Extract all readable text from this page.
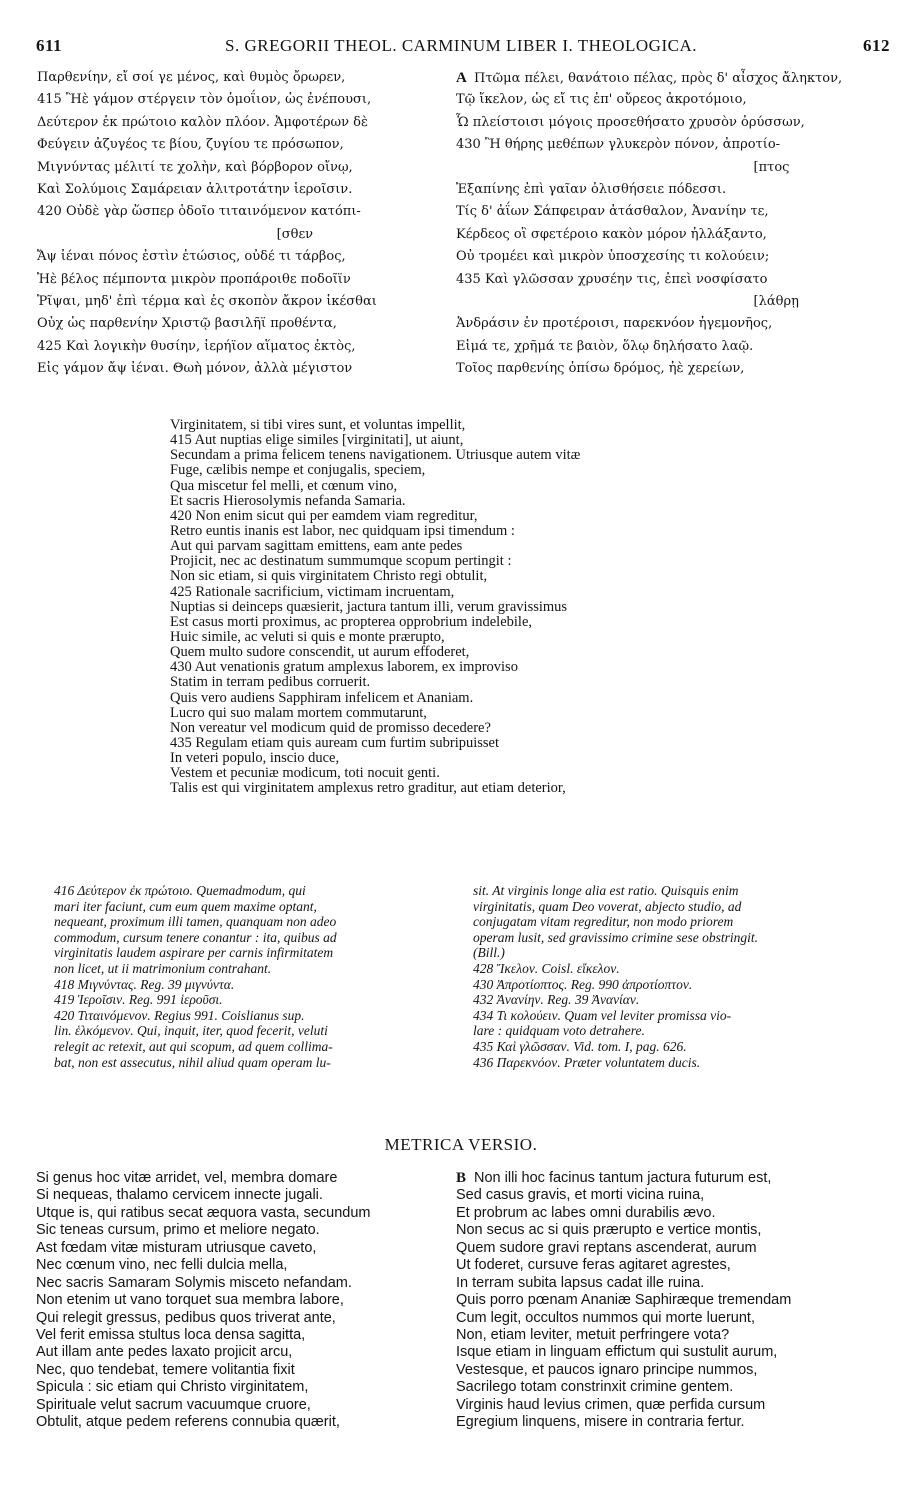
611	S. GREGORII THEOL. CARMINUM LIBER I. THEOLOGICA.	612
Παρθενίην, εἴ σοί γε μένος, καὶ θυμὸς ὄρωρεν,
415 Ἢὲ γάμον στέργειν τὸν ὁμοΐιον, ὡς ἐνέπουσι,
Δεύτερον ἐκ πρώτοιο καλὸν πλόον. Ἀμφοτέρων δὲ
Φεύγειν ἀζυγέος τε βίου, ζυγίου τε πρόσωπον,
Μιγνύντας μέλιτί τε χολὴν, καὶ βόρβορον οἴνῳ,
Καὶ Σολύμοις Σαμάρειαν ἀλιτροτάτην ἱεροῖσιν.
420 Οὐδὲ γὰρ ὥσπερ ὁδοῖο τιταινόμενον κατόπι-
[σθεν
Ἄψ ἰέναι πόνος ἐστὶν ἐτώσιος, οὐδέ τι τάρβος,
Ἠὲ βέλος πέμποντα μικρὸν προπάροιθε ποδοῖϊν
Ῥῖψαι, μηδ' ἐπὶ τέρμα καὶ ἐς σκοπὸν ἄκρον ἱκέσθαι
Οὐχ ὡς παρθενίην Χριστῷ βασιλῆϊ προθέντα,
425 Καὶ λογικὴν θυσίην, ἱερήϊον αἵματος ἐκτὸς,
Εἰς γάμον ἄψ ἰέναι. Θωὴ μόνον, ἀλλὰ μέγιστον
A Πτῶμα πέλει, θανάτοιο πέλας, πρὸς δ' αἶσχος ἄληκτον,
Τῷ ἴκελον, ὡς εἴ τις ἐπ' οὔρεος ἀκροτόμοιο,
Ὧ πλείστοισι μόγοις προσεθήσατο χρυσὸν ὀρύσσων,
430 Ἢ θήρης μεθέπων γλυκερὸν πόνον, ἀπροτίο-
[πτος
Ἐξαπίνης ἐπὶ γαῖαν ὀλισθήσειε πόδεσσι.
Τίς δ' ἀΐων Σάπφειραν ἀτάσθαλον, Ἀνανίην τε,
Κέρδεος οἳ σφετέροιο κακὸν μόρον ἠλλάξαντο,
Οὐ τρομέει καὶ μικρὸν ὑποσχεσίης τι κολούειν;
435 Καὶ γλῶσσαν χρυσέην τις, ἐπεὶ νοσφίσατο
[λάθρῃ
Ἀνδράσιν ἐν προτέροισι, παρεκνόον ἡγεμονῆος,
Εἱμά τε, χρῆμά τε βαιὸν, ὅλῳ δηλήσατο λαῷ.
Τοῖος παρθενίης ὀπίσω δρόμος, ἠὲ χερείων,
Virginitatem, si tibi vires sunt, et voluntas impellit,
415 Aut nuptias elige similes [virginitati], ut aiunt,
Secundam a prima felicem tenens navigationem. Utriusque autem vitæ
Fuge, cælibis nempe et conjugalis, speciem,
Qua miscetur fel melli, et cœnum vino,
Et sacris Hierosolymis nefanda Samaria.
420 Non enim sicut qui per eamdem viam regreditur,
Retro euntis inanis est labor, nec quidquam ipsi timendum :
Aut qui parvam sagittam emittens, eam ante pedes
Projicit, nec ac destinatum summumque scopum pertingit :
Non sic etiam, si quis virginitatem Christo regi obtulit,
425 Rationale sacrificium, victimam incruentam,
Nuptias si deinceps quæsierit, jactura tantum illi, verum gravissimus
Est casus morti proximus, ac propterea opprobrium indelebile,
Huic simile, ac veluti si quis e monte prærupto,
Quem multo sudore conscendit, ut aurum effoderet,
430 Aut venationis gratum amplexus laborem, ex improviso
Statim in terram pedibus corruerit.
Quis vero audiens Sapphiram infelicem et Ananiam.
Lucro qui suo malam mortem commutarunt,
Non vereatur vel modicum quid de promisso decedere?
435 Regulam etiam quis auream cum furtim subripuisset
In veteri populo, inscio duce,
Vestem et pecuniæ modicum, toti nocuit genti.
Talis est qui virginitatem amplexus retro graditur, aut etiam deterior,
416 Δεύτερον ἐκ πρώτοιο. Quemadmodum, qui
mari iter faciunt, cum eum quem maxime optant,
nequeant, proximum illi tamen, quanquam non adeo
commodum, cursum tenere conantur : ita, quibus ad
virginitatis laudem aspirare per carnis infirmitatem
non licet, ut ii matrimonium contrahant.
418 Μιγνύντας. Reg. 39 μιγνύντα.
419 Ἱεροῖσιν. Reg. 991 ἱεροῦσι.
420 Τιταινόμενον. Regius 991. Coislianus sup.
lin. ἑλκόμενον. Qui, inquit, iter, quod fecerit, veluti
relegit ac retexit, aut qui scopum, ad quem collima-
bat, non est assecutus, nihil aliud quam operam lu-
sit. At virginis longe alia est ratio. Quisquis enim
virginitatis, quam Deo voverat, abjecto studio, ad
conjugatam vitam regreditur, non modo priorem
operam lusit, sed gravissimo crimine sese obstringit.
(Bill.)
428 Ἴκελον. Coisl. εἴκελον.
430 Ἀπροτίοπτος. Reg. 990 ἀπροτίοπτον.
432 Ἀνανίην. Reg. 39 Ἀνανίαν.
434 Τι κολούειν. Quam vel leviter promissa vio-
lare : quidquam voto detrahere.
435 Καὶ γλῶσσαν. Vid. tom. I, pag. 626.
436 Παρεκνόον. Præter voluntatem ducis.
METRICA VERSIO.
Si genus hoc vitæ arridet, vel, membra domare
Si nequeas, thalamo cervicem innecte jugali.
Utque is, qui ratibus secat æquora vasta, secundum
Sic teneas cursum, primo et meliore negato.
Ast fœdam vitæ misturam utriusque caveto,
Nec cœnum vino, nec felli dulcia mella,
Nec sacris Samaram Solymis misceto nefandam.
Non etenim ut vano torquet sua membra labore,
Qui relegit gressus, pedibus quos triverat ante,
Vel ferit emissa stultus loca densa sagitta,
Aut illam ante pedes laxato projicit arcu,
Nec, quo tendebat, temere volitantia fixit
Spicula : sic etiam qui Christo virginitatem,
Spirituale velut sacrum vacuumque cruore,
Obtulit, atque pedem referens connubia quærit,
B Non illi hoc facinus tantum jactura futurum est,
Sed casus gravis, et morti vicina ruina,
Et probrum ac labes omni durabilis ævo.
Non secus ac si quis prærupto e vertice montis,
Quem sudore gravi reptans ascenderat, aurum
Ut foderet, cursuve feras agitaret agrestes,
In terram subita lapsus cadat ille ruina.
Quis porro pœnam Ananiæ Saphiræque tremendam
Cum legit, occultos nummos qui morte luerunt,
Non, etiam leviter, metuit perfringere vota?
Isque etiam in linguam effictum qui sustulit aurum,
Vestesque, et paucos ignaro principe nummos,
Sacrilego totam constrinxit crimine gentem.
Virginis haud levius crimen, quæ perfida cursum
Egregium linquens, misere in contraria fertur.
